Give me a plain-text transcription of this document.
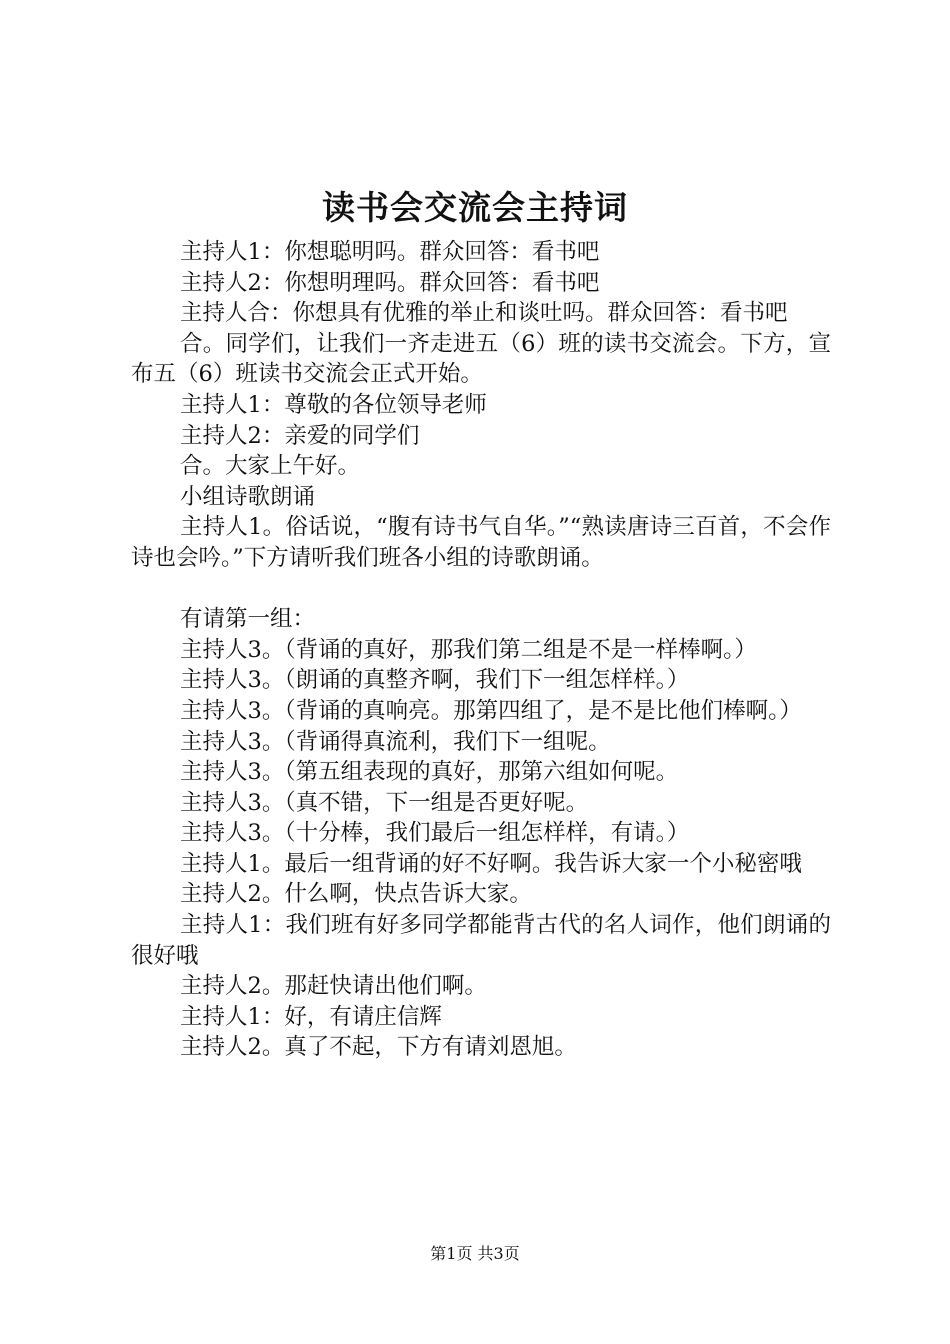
读书会交流会主持词

主持人1：你想聪明吗。群众回答：看书吧

主持人2：你想明理吗。群众回答：看书吧

主持人合：你想具有优雅的举止和谈吐吗。群众回答：看书吧

合。同学们，让我们一齐走进五（6）班的读书交流会。下方，宣布五（6）班读书交流会正式开始。

主持人1：尊敬的各位领导老师

主持人2：亲爱的同学们

合。大家上午好。

小组诗歌朗诵

主持人1。俗话说，“腹有诗书气自华。”“熟读唐诗三百首，不会作诗也会吟。”下方请听我们班各小组的诗歌朗诵。

有请第一组：

主持人3。（背诵的真好，那我们第二组是不是一样棒啊。）

主持人3。（朗诵的真整齐啊，我们下一组怎样样。）

主持人3。（背诵的真响亮。那第四组了，是不是比他们棒啊。）

主持人3。（背诵得真流利，我们下一组呢。

主持人3。（第五组表现的真好，那第六组如何呢。

主持人3。（真不错，下一组是否更好呢。

主持人3。（十分棒，我们最后一组怎样样，有请。）

主持人1。最后一组背诵的好不好啊。我告诉大家一个小秘密哦

主持人2。什么啊，快点告诉大家。

主持人1：我们班有好多同学都能背古代的名人词作，他们朗诵的很好哦

主持人2。那赶快请出他们啊。

主持人1：好，有请庄信辉

主持人2。真了不起，下方有请刘恩旭。

第1页 共3页
